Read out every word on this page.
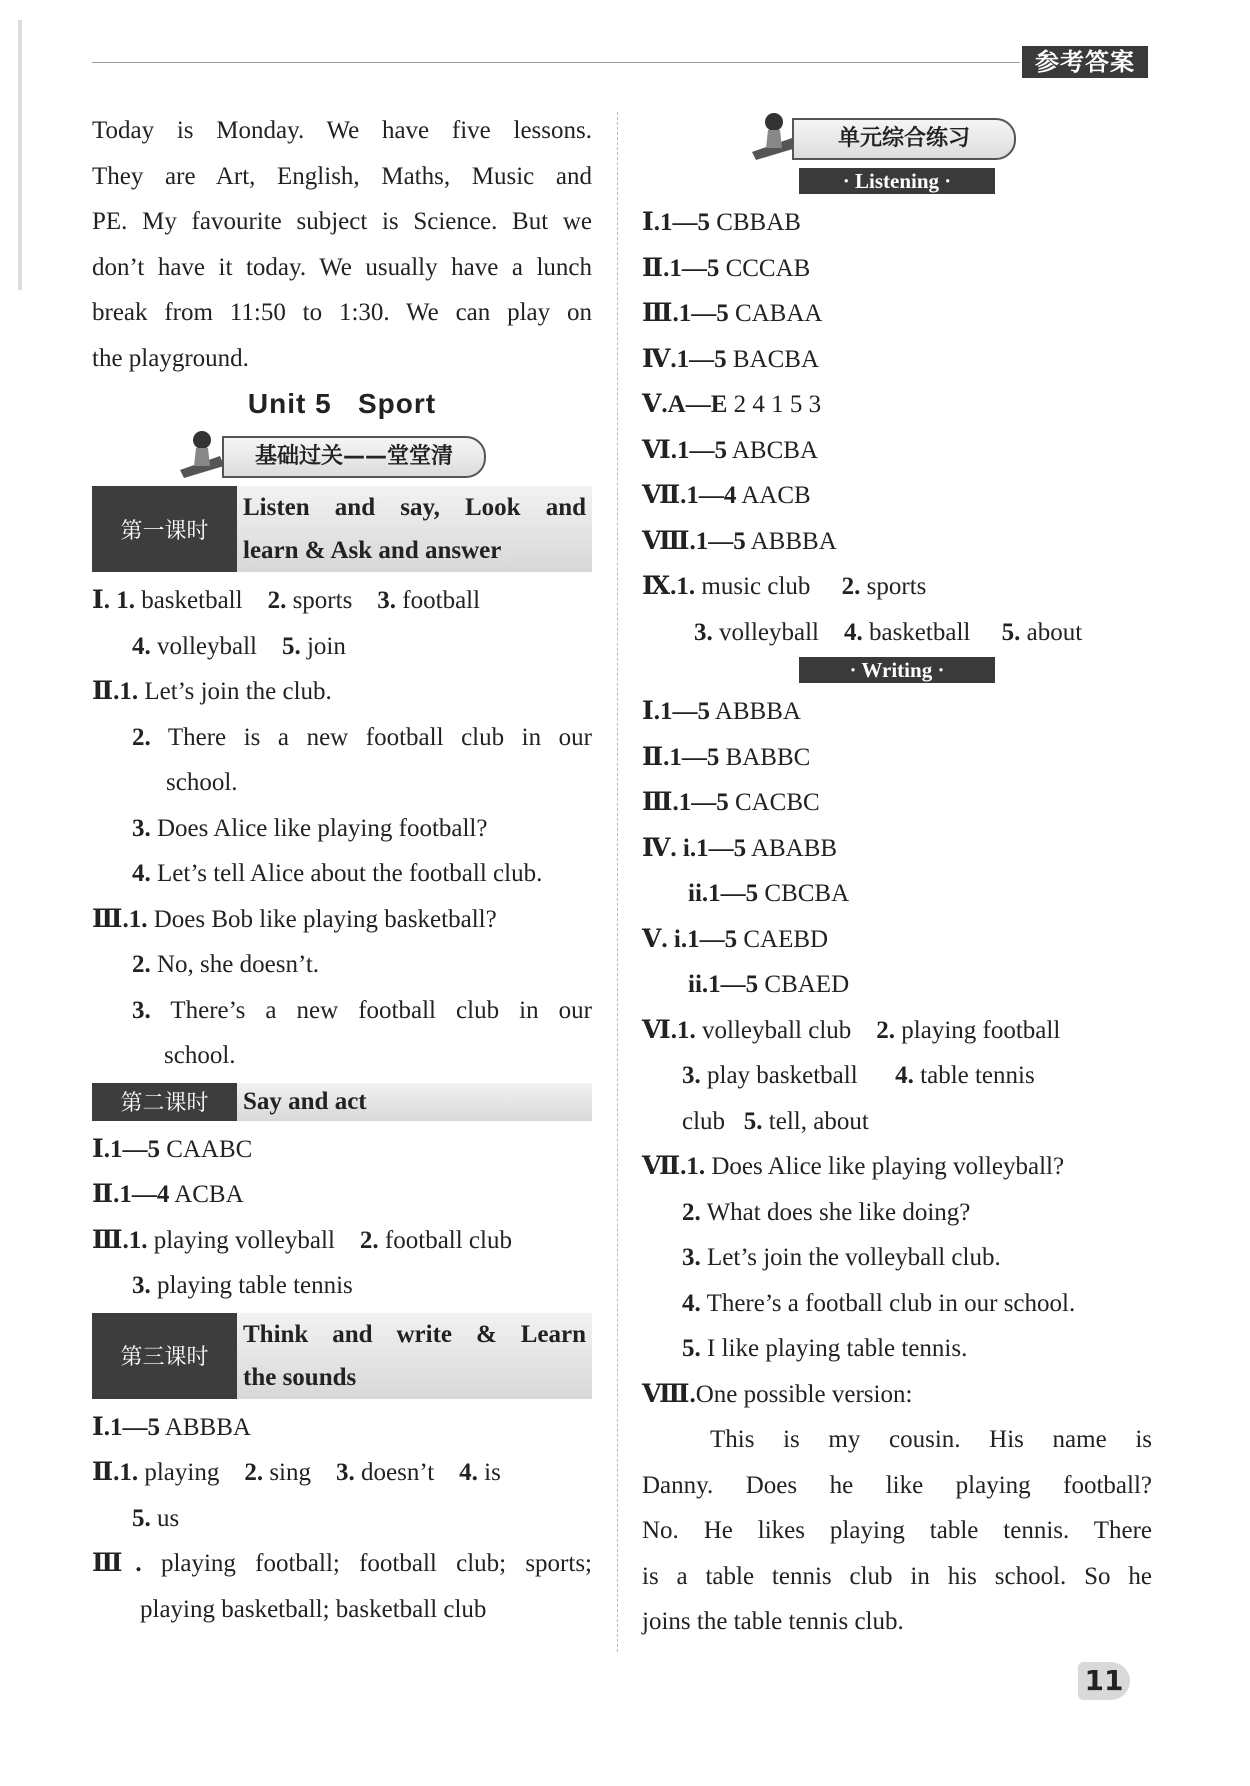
参考答案
Today is Monday. We have five lessons.
They are Art, English, Maths, Music and
PE. My favourite subject is Science. But we
don’t have it today. We usually have a lunch
break from 11:50 to 1:30. We can play on
the playground.
Unit 5   Sport
基础过关——堂堂清
第一课时
Listen and say, Look and
learn & Ask and answer
Ⅰ. 1. basketball 2. sports 3. football
4. volleyball 5. join
Ⅱ.1. Let’s join the club.
2. There is a new football club in our
school.
3. Does Alice like playing football?
4. Let’s tell Alice about the football club.
Ⅲ.1. Does Bob like playing basketball?
2. No, she doesn’t.
3. There’s a new football club in our
school.
第二课时	Say and act
Ⅰ.1—5 CAABC
Ⅱ.1—4 ACBA
Ⅲ.1. playing volleyball 2. football club
3. playing table tennis
第三课时
Think and write & Learn
the sounds
Ⅰ.1—5 ABBBA
Ⅱ.1. playing 2. sing 3. doesn’t 4. is
5. us
Ⅲ. playing football; football club; sports;
playing basketball; basketball club
单元综合练习
· Listening ·
Ⅰ.1—5 CBBAB
Ⅱ.1—5 CCCAB
Ⅲ.1—5 CABAA
Ⅳ.1—5 BACBA
Ⅴ.A—E 2 4 1 5 3
Ⅵ.1—5 ABCBA
Ⅶ.1—4 AACB
Ⅷ.1—5 ABBBA
Ⅸ.1. music club 2. sports
3. volleyball 4. basketball 5. about
· Writing ·
Ⅰ.1—5 ABBBA
Ⅱ.1—5 BABBC
Ⅲ.1—5 CACBC
Ⅳ. i.1—5 ABABB
ii.1—5 CBCBA
Ⅴ. i.1—5 CAEBD
ii.1—5 CBAED
Ⅵ.1. volleyball club 2. playing football
3. play basketball 4. table tennis
club 5. tell, about
Ⅶ.1. Does Alice like playing volleyball?
2. What does she like doing?
3. Let’s join the volleyball club.
4. There’s a football club in our school.
5. I like playing table tennis.
Ⅷ.One possible version:
This is my cousin. His name is
Danny. Does he like playing football?
No. He likes playing table tennis. There
is a table tennis club in his school. So he
joins the table tennis club.
11
